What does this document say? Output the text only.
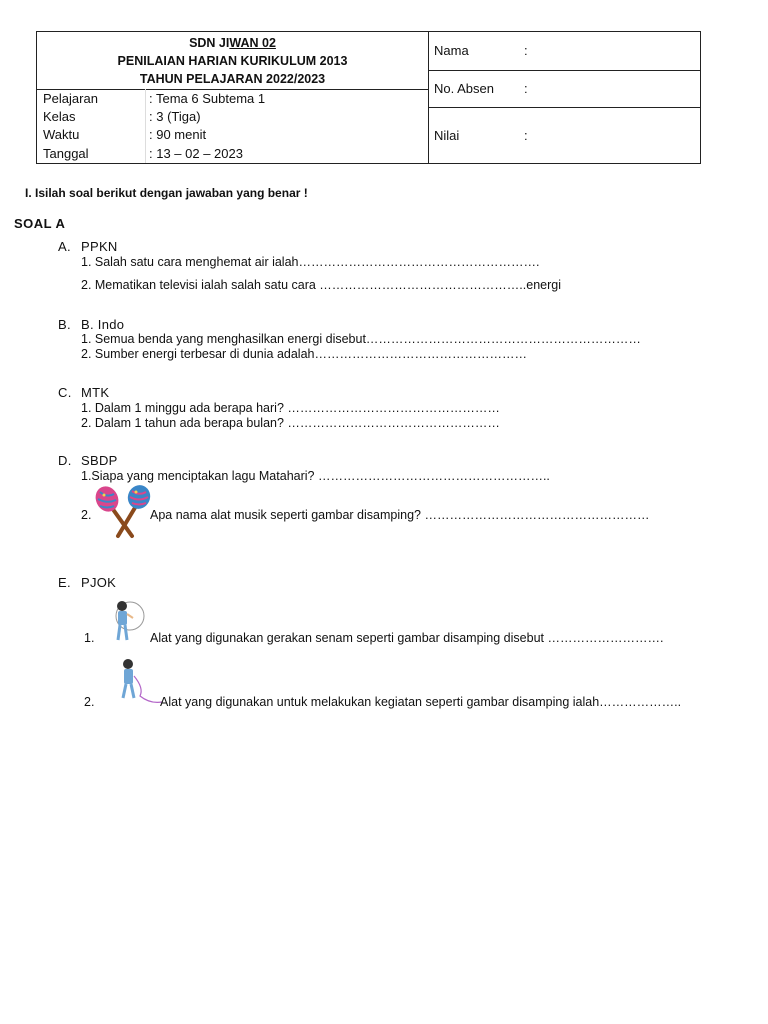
SDN JIWAN 02
PENILAIAN HARIAN KURIKULUM 2013
TAHUN PELAJARAN 2022/2023
Pelajaran	: Tema 6 Subtema 1
Kelas	: 3 (Tiga)
Waktu	: 90 menit
Tanggal	: 13 – 02 – 2023
Nama	:
No. Absen :
Nilai	:
I. Isilah soal berikut dengan jawaban yang benar !
SOAL A
A. PPKN
1. Salah satu cara menghemat air ialah………………………………………………….
2. Mematikan televisi ialah salah satu cara …………………………………………..energi
B. B. Indo
1. Semua benda yang menghasilkan energi disebut…………………………………………………………
2. Sumber energi terbesar di dunia adalah……………………………………………
C. MTK
1. Dalam 1 minggu ada berapa hari? ……………………………………………
2. Dalam 1 tahun ada berapa bulan? ……………………………………………
D. SBDP
1.Siapa yang menciptakan lagu Matahari? ………………………………………………..
2.	Apa nama alat musik seperti gambar disamping? ………………………………………………
E. PJOK
1.	Alat yang digunakan gerakan senam seperti gambar disamping disebut ……………………….
2.	Alat yang digunakan untuk melakukan kegiatan seperti gambar disamping ialah………………..
